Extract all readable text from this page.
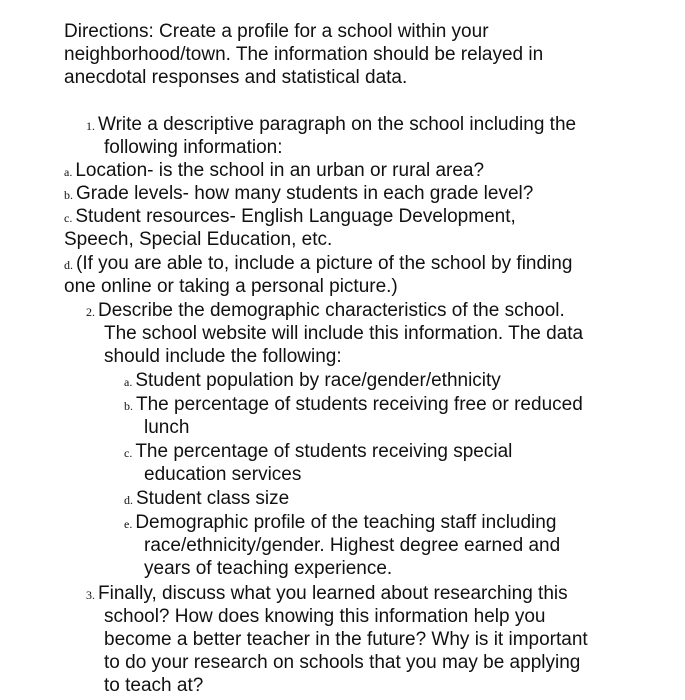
Directions: Create a profile for a school within your
neighborhood/town. The information should be relayed in
anecdotal responses and statistical data.
1. Write a descriptive paragraph on the school including the
following information:
a. Location- is the school in an urban or rural area?
b. Grade levels- how many students in each grade level?
c. Student resources- English Language Development,
Speech, Special Education, etc.
d. (If you are able to, include a picture of the school by finding
one online or taking a personal picture.)
2. Describe the demographic characteristics of the school.
The school website will include this information. The data
should include the following:
a. Student population by race/gender/ethnicity
b. The percentage of students receiving free or reduced
lunch
c. The percentage of students receiving special
education services
d. Student class size
e. Demographic profile of the teaching staff including
race/ethnicity/gender. Highest degree earned and
years of teaching experience.
3. Finally, discuss what you learned about researching this
school? How does knowing this information help you
become a better teacher in the future? Why is it important
to do your research on schools that you may be applying
to teach at?
